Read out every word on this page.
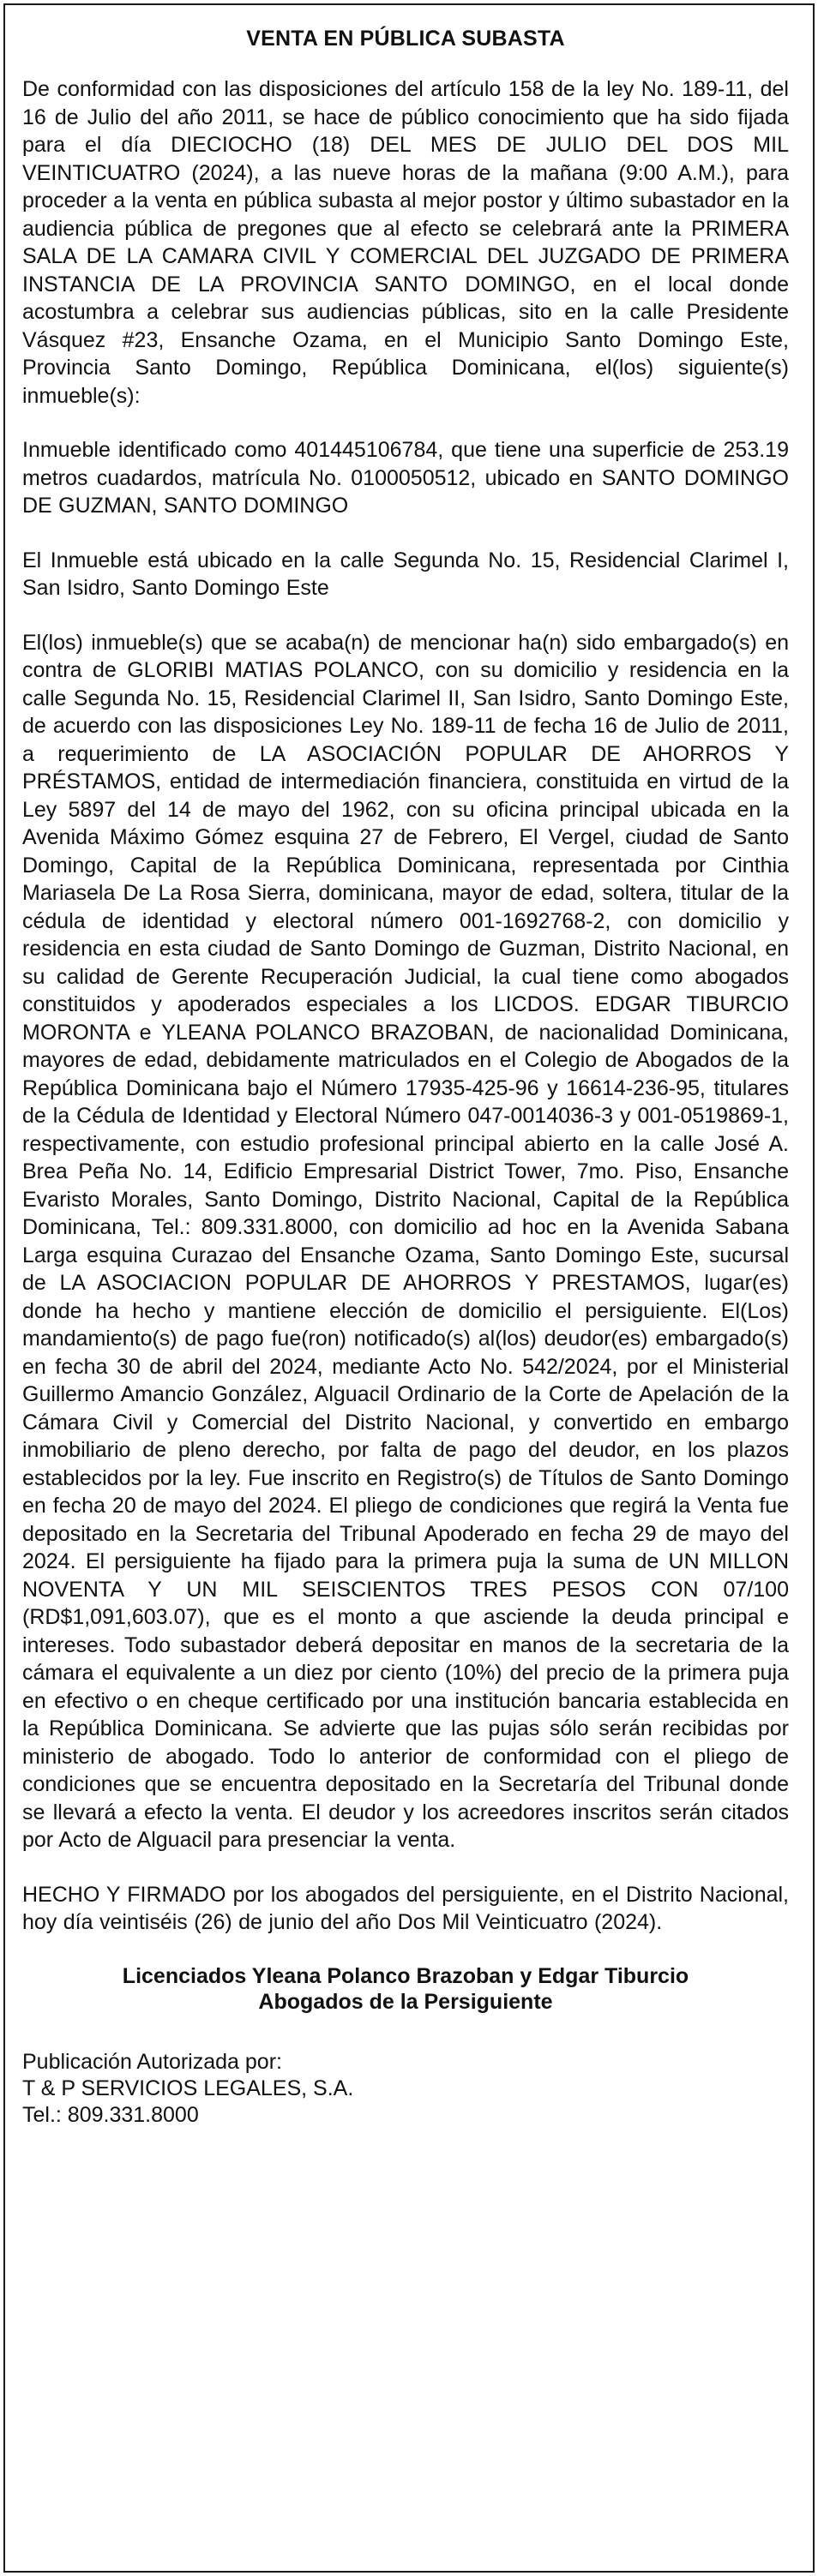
VENTA EN PÚBLICA SUBASTA

De conformidad con las disposiciones del artículo 158 de la ley No. 189-11, del 16 de Julio del año 2011, se hace de público conocimiento que ha sido fijada para el día DIECIOCHO (18) DEL MES DE JULIO DEL DOS MIL VEINTICUATRO (2024), a las nueve horas de la mañana (9:00 A.M.), para proceder a la venta en pública subasta al mejor postor y último subastador en la audiencia pública de pregones que al efecto se celebrará ante la PRIMERA SALA DE LA CAMARA CIVIL Y COMERCIAL DEL JUZGADO DE PRIMERA INSTANCIA DE LA PROVINCIA SANTO DOMINGO, en el local donde acostumbra a celebrar sus audiencias públicas, sito en la calle Presidente Vásquez #23, Ensanche Ozama, en el Municipio Santo Domingo Este, Provincia Santo Domingo, República Dominicana, el(los) siguiente(s) inmueble(s):

Inmueble identificado como 401445106784, que tiene una superficie de 253.19 metros cuadardos, matrícula No. 0100050512, ubicado en SANTO DOMINGO DE GUZMAN, SANTO DOMINGO

El Inmueble está ubicado en la calle Segunda No. 15, Residencial Clarimel I, San Isidro, Santo Domingo Este

El(los) inmueble(s) que se acaba(n) de mencionar ha(n) sido embargado(s) en contra de GLORIBI MATIAS POLANCO, con su domicilio y residencia en la calle Segunda No. 15, Residencial Clarimel II, San Isidro, Santo Domingo Este, de acuerdo con las disposiciones Ley No. 189-11 de fecha 16 de Julio de 2011, a requerimiento de LA ASOCIACIÓN POPULAR DE AHORROS Y PRÉSTAMOS, entidad de intermediación financiera, constituida en virtud de la Ley 5897 del 14 de mayo del 1962, con su oficina principal ubicada en la Avenida Máximo Gómez esquina 27 de Febrero, El Vergel, ciudad de Santo Domingo, Capital de la República Dominicana, representada por Cinthia Mariasela De La Rosa Sierra, dominicana, mayor de edad, soltera, titular de la cédula de identidad y electoral número 001-1692768-2, con domicilio y residencia en esta ciudad de Santo Domingo de Guzman, Distrito Nacional, en su calidad de Gerente Recuperación Judicial, la cual tiene como abogados constituidos y apoderados especiales a los LICDOS. EDGAR TIBURCIO MORONTA e YLEANA POLANCO BRAZOBAN, de nacionalidad Dominicana, mayores de edad, debidamente matriculados en el Colegio de Abogados de la República Dominicana bajo el Número 17935-425-96 y 16614-236-95, titulares de la Cédula de Identidad y Electoral Número 047-0014036-3 y 001-0519869-1, respectivamente, con estudio profesional principal abierto en la calle José A. Brea Peña No. 14, Edificio Empresarial District Tower, 7mo. Piso, Ensanche Evaristo Morales, Santo Domingo, Distrito Nacional, Capital de la República Dominicana, Tel.: 809.331.8000, con domicilio ad hoc en la Avenida Sabana Larga esquina Curazao del Ensanche Ozama, Santo Domingo Este, sucursal de LA ASOCIACION POPULAR DE AHORROS Y PRESTAMOS, lugar(es) donde ha hecho y mantiene elección de domicilio el persiguiente. El(Los) mandamiento(s) de pago fue(ron) notificado(s) al(los) deudor(es) embargado(s) en fecha 30 de abril del 2024, mediante Acto No. 542/2024, por el Ministerial Guillermo Amancio González, Alguacil Ordinario de la Corte de Apelación de la Cámara Civil y Comercial del Distrito Nacional, y convertido en embargo inmobiliario de pleno derecho, por falta de pago del deudor, en los plazos establecidos por la ley. Fue inscrito en Registro(s) de Títulos de Santo Domingo en fecha 20 de mayo del 2024. El pliego de condiciones que regirá la Venta fue depositado en la Secretaria del Tribunal Apoderado en fecha 29 de mayo del 2024. El persiguiente ha fijado para la primera puja la suma de UN MILLON NOVENTA Y UN MIL SEISCIENTOS TRES PESOS CON 07/100 (RD$1,091,603.07), que es el monto a que asciende la deuda principal e intereses. Todo subastador deberá depositar en manos de la secretaria de la cámara el equivalente a un diez por ciento (10%) del precio de la primera puja en efectivo o en cheque certificado por una institución bancaria establecida en la República Dominicana. Se advierte que las pujas sólo serán recibidas por ministerio de abogado. Todo lo anterior de conformidad con el pliego de condiciones que se encuentra depositado en la Secretaría del Tribunal donde se llevará a efecto la venta. El deudor y los acreedores inscritos serán citados por Acto de Alguacil para presenciar la venta.

HECHO Y FIRMADO por los abogados del persiguiente, en el Distrito Nacional, hoy día veintiséis (26) de junio del año Dos Mil Veinticuatro (2024).

Licenciados Yleana Polanco Brazoban y Edgar Tiburcio
Abogados de la Persiguiente
Publicación Autorizada por:
T & P SERVICIOS LEGALES, S.A.
Tel.: 809.331.8000
